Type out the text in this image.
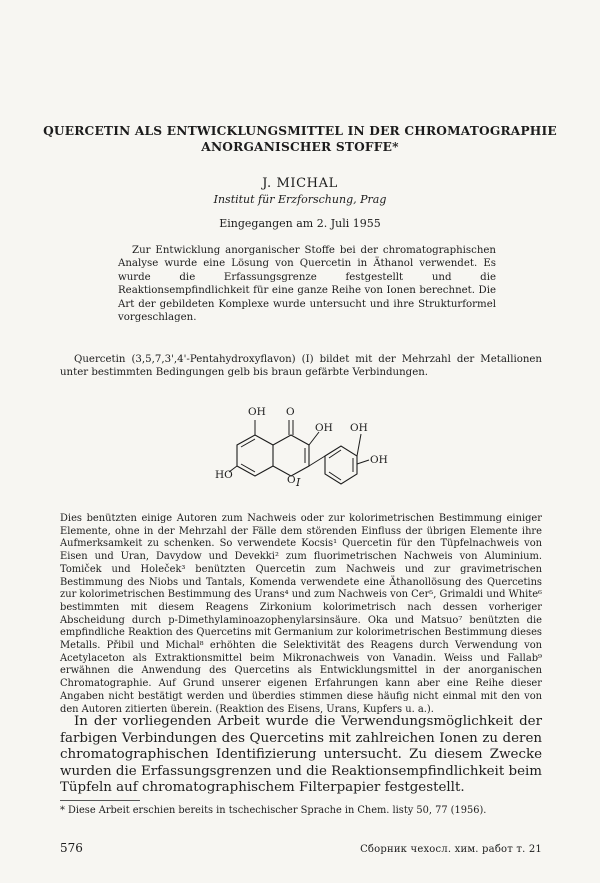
QUERCETIN ALS ENTWICKLUNGSMITTEL IN DER CHROMATOGRAPHIE
ANORGANISCHER STOFFE*
J. MICHAL
Institut für Erzforschung, Prag
Eingegangen am 2. Juli 1955
Zur Entwicklung anorganischer Stoffe bei der chromatographischen Analyse wurde eine Lösung von Quercetin in Äthanol verwendet. Es wurde die Erfassungsgrenze festgestellt und die Reaktionsempfindlichkeit für eine ganze Reihe von Ionen berechnet. Die Art der gebildeten Komplexe wurde untersucht und ihre Strukturformel vorgeschlagen.
Quercetin (3,5,7,3',4'-Pentahydroxyflavon) (I) bildet mit der Mehrzahl der Metallionen unter bestimmten Bedingungen gelb bis braun gefärbte Verbindungen.
OH O
OH OH
OH
HO	O I
Dies benützten einige Autoren zum Nachweis oder zur kolorimetrischen Bestimmung einiger Elemente, ohne in der Mehrzahl der Fälle dem störenden Einfluss der übrigen Elemente ihre Aufmerksamkeit zu schenken. So verwendete Kocsis¹ Quercetin für den Tüpfelnachweis von Eisen und Uran, Davydow und Devekki² zum fluorimetrischen Nachweis von Aluminium. Tomiček und Holeček³ benützten Quercetin zum Nachweis und zur gravimetrischen Bestimmung des Niobs und Tantals, Komenda verwendete eine Äthanollösung des Quercetins zur kolorimetrischen Bestimmung des Urans⁴ und zum Nachweis von Cer⁵, Grimaldi und White⁶ bestimmten mit diesem Reagens Zirkonium kolorimetrisch nach dessen vorheriger Abscheidung durch p-Dimethylaminoazophenylarsinsäure. Oka und Matsuo⁷ benützten die empfindliche Reaktion des Quercetins mit Germanium zur kolorimetrischen Bestimmung dieses Metalls. Přibil und Michal⁸ erhöhten die Selektivität des Reagens durch Verwendung von Acetylaceton als Extraktionsmittel beim Mikronachweis von Vanadin. Weiss und Fallab⁹ erwähnen die Anwendung des Quercetins als Entwicklungsmittel in der anorganischen Chromatographie. Auf Grund unserer eigenen Erfahrungen kann aber eine Reihe dieser Angaben nicht bestätigt werden und überdies stimmen diese häufig nicht einmal mit den von den Autoren zitierten überein. (Reaktion des Eisens, Urans, Kupfers u. a.).
In der vorliegenden Arbeit wurde die Verwendungsmöglichkeit der farbigen Verbindungen des Quercetins mit zahlreichen Ionen zu deren chromatographischen Identifizierung untersucht. Zu diesem Zwecke wurden die Erfassungsgrenzen und die Reaktionsempfindlichkeit beim Tüpfeln auf chromatographischem Filterpapier festgestellt.
* Diese Arbeit erschien bereits in tschechischer Sprache in Chem. listy 50, 77 (1956).
576	Сборник чехосл. хим. работ т. 21
